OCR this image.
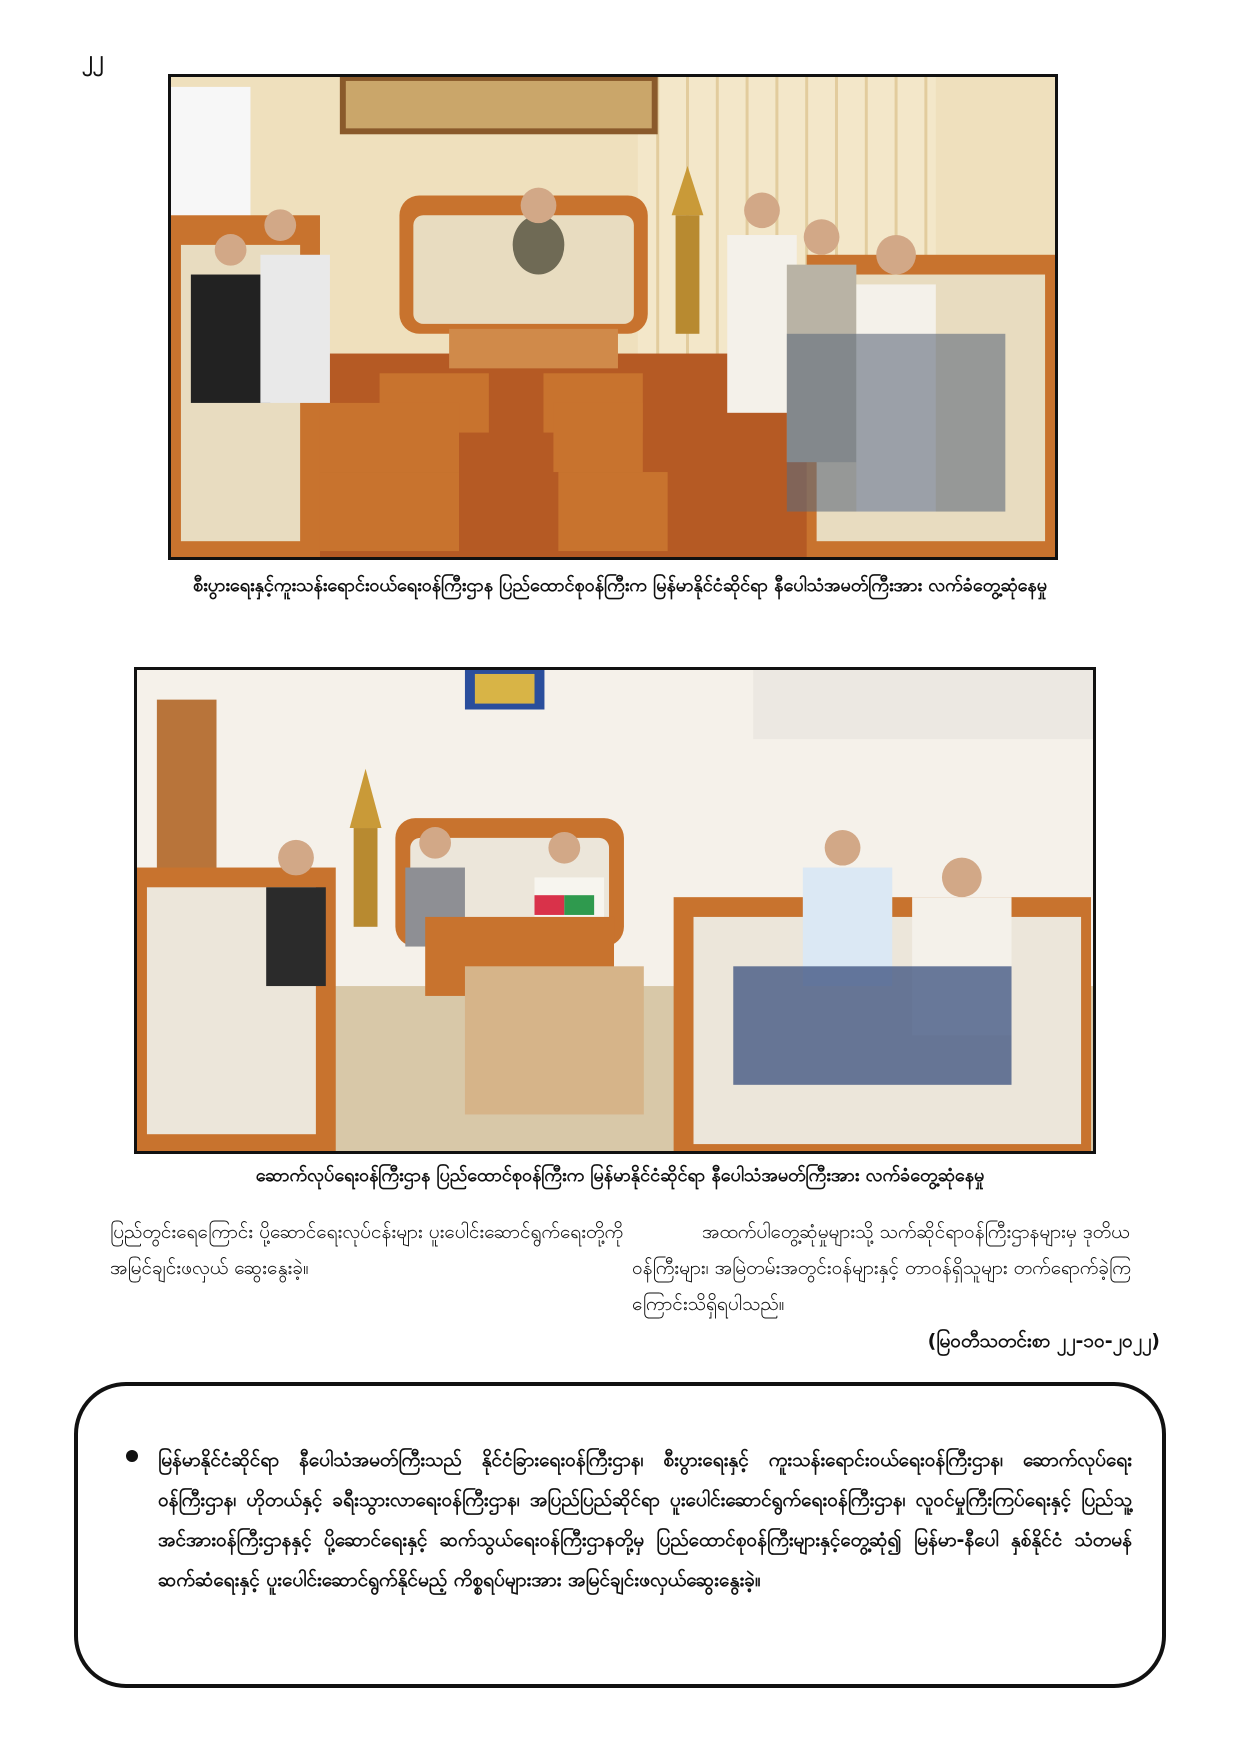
၂၂
စီးပွားရေးနှင့်ကူးသန်းရောင်းဝယ်ရေးဝန်ကြီးဌာန ပြည်ထောင်စုဝန်ကြီးက မြန်မာနိုင်ငံဆိုင်ရာ နီပေါသံအမတ်ကြီးအား လက်ခံတွေ့ဆုံနေမှု
ဆောက်လုပ်ရေးဝန်ကြီးဌာန ပြည်ထောင်စုဝန်ကြီးက မြန်မာနိုင်ငံဆိုင်ရာ နီပေါသံအမတ်ကြီးအား လက်ခံတွေ့ဆုံနေမှု
ပြည်တွင်းရေကြောင်း ပို့ဆောင်ရေးလုပ်ငန်းများ ပူးပေါင်းဆောင်ရွက်ရေးတို့ကို အမြင်ချင်းဖလှယ် ဆွေးနွေးခဲ့။
အထက်ပါတွေ့ဆုံမှုများသို့ သက်ဆိုင်ရာဝန်ကြီးဌာနများမှ ဒုတိယဝန်ကြီးများ၊ အမြဲတမ်းအတွင်းဝန်များနှင့် တာဝန်ရှိသူများ တက်ရောက်ခဲ့ကြကြောင်းသိရှိရပါသည်။
(မြဝတီသတင်းစာ ၂၂-၁၀-၂၀၂၂)
မြန်မာနိုင်ငံဆိုင်ရာ နီပေါသံအမတ်ကြီးသည် နိုင်ငံခြားရေးဝန်ကြီးဌာန၊ စီးပွားရေးနှင့် ကူးသန်းရောင်းဝယ်ရေးဝန်ကြီးဌာန၊ ဆောက်လုပ်ရေးဝန်ကြီးဌာန၊ ဟိုတယ်နှင့် ခရီးသွားလာရေးဝန်ကြီးဌာန၊ အပြည်ပြည်ဆိုင်ရာ ပူးပေါင်းဆောင်ရွက်ရေးဝန်ကြီးဌာန၊ လူဝင်မှုကြီးကြပ်ရေးနှင့် ပြည်သူ့အင်အားဝန်ကြီးဌာနနှင့် ပို့ဆောင်ရေးနှင့် ဆက်သွယ်ရေးဝန်ကြီးဌာနတို့မှ ပြည်ထောင်စုဝန်ကြီးများနှင့်တွေ့ဆုံ၍ မြန်မာ-နီပေါ နှစ်နိုင်ငံ သံတမန်ဆက်ဆံရေးနှင့် ပူးပေါင်းဆောင်ရွက်နိုင်မည့် ကိစ္စရပ်များအား အမြင်ချင်းဖလှယ်ဆွေးနွေးခဲ့။
